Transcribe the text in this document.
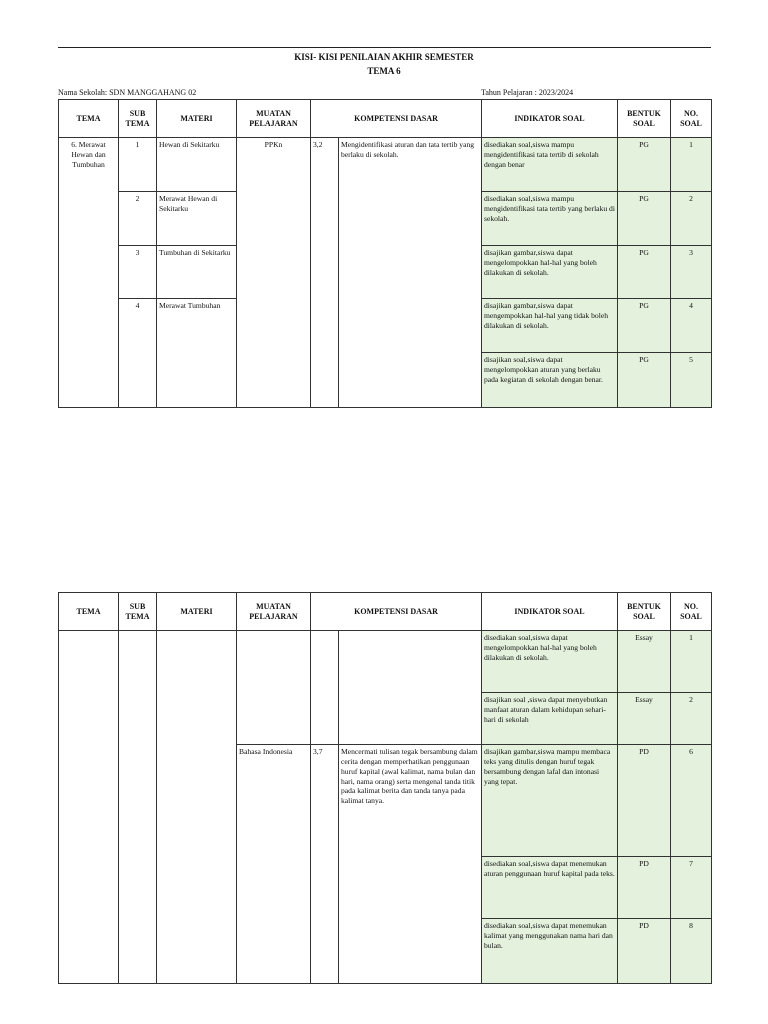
KISI- KISI PENILAIAN AKHIR SEMESTER
TEMA 6
Nama Sekolah: SDN MANGGAHANG 02	Tahun Pelajaran : 2023/2024
TEMA	SUB TEMA	MATERI	MUATAN PELAJARAN	KOMPETENSI DASAR		INDIKATOR SOAL	BENTUK SOAL	NO. SOAL
6. Merawat Hewan dan Tumbuhan	1	Hewan di Sekitarku	PPKn	3,2	Mengidentifikasi aturan dan tata tertib yang berlaku di sekolah.	disediakan soal,siswa mampu mengidentifikasi tata tertib di sekolah dengan benar	PG	1
	2	Merawat Hewan di Sekitarku				disediakan soal,siswa mampu mengidentifikasi tata tertib yang berlaku di sekolah.	PG	2
	3	Tumbuhan di Sekitarku				disajikan gambar,siswa dapat mengelompokkan hal-hal yang boleh dilakukan di sekolah.	PG	3
	4	Merawat Tumbuhan				disajikan gambar,siswa dapat mengempokkan hal-hal yang tidak boleh dilakukan di sekolah.	PG	4
						disajikan soal,siswa dapat mengelompokkan aturan yang berlaku pada kegiatan di sekolah dengan benar.	PG	5
TEMA	SUB TEMA	MATERI	MUATAN PELAJARAN	KOMPETENSI DASAR		INDIKATOR SOAL	BENTUK SOAL	NO. SOAL
						disediakan soal,siswa dapat mengelompokkan hal-hal yang boleh dilakukan di sekolah.	Essay	1
						disajikan soal ,siswa dapat menyebutkan manfaat aturan dalam kehidupan sehari-hari di sekolah	Essay	2
			Bahasa Indonesia	3,7	Mencermati tulisan tegak bersambung dalam cerita dengan memperhatikan penggunaan huruf kapital (awal kalimat, nama bulan dan hari, nama orang) serta mengenal tanda titik pada kalimat berita dan tanda tanya pada kalimat tanya.	disajikan gambar,siswa mampu membaca teks yang ditulis dengan huruf tegak bersambung dengan lafal dan intonasi yang tepat.	PD	6
						disediakan soal,siswa dapat menemukan aturan penggunaan huruf kapital pada teks.	PD	7
						disediakan soal,siswa dapat menemukan kalimat yang menggunakan nama hari dan bulan.	PD	8
